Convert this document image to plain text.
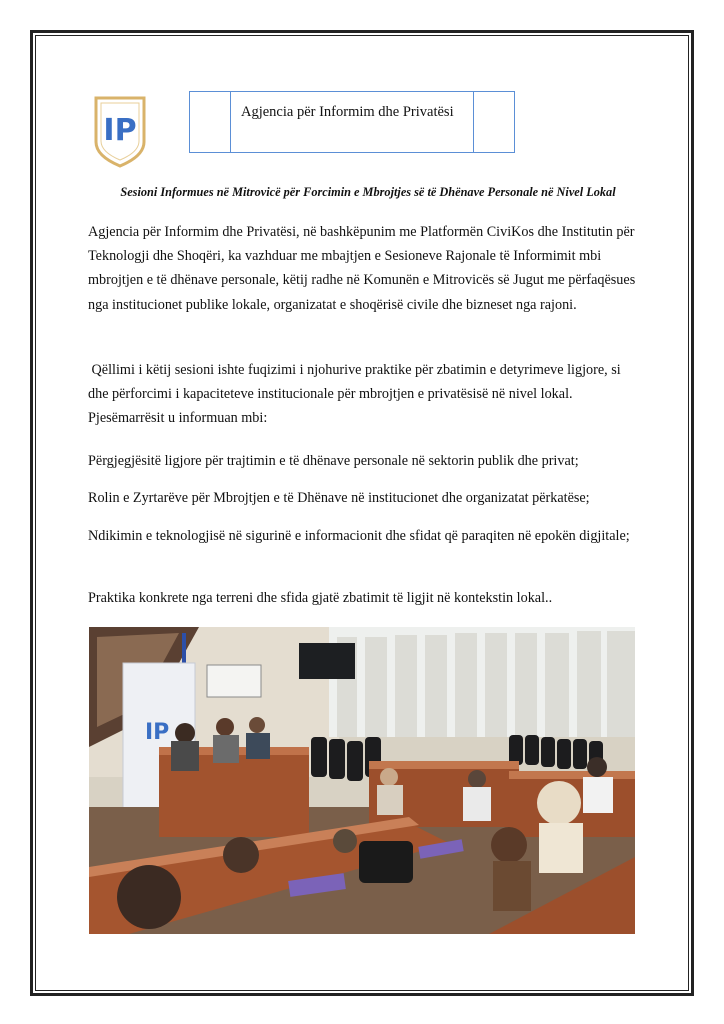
IP
Agjencia për Informim dhe Privatësi
Sesioni Informues në Mitrovicë për Forcimin e Mbrojtjes së të Dhënave Personale në Nivel Lokal
Agjencia për Informim dhe Privatësi, në bashkëpunim me Platformën CiviKos dhe Institutin për Teknologji dhe Shoqëri, ka vazhduar me mbajtjen e Sesioneve Rajonale të Informimit mbi mbrojtjen e të dhënave personale, këtij radhe në Komunën e Mitrovicës së Jugut me përfaqësues nga institucionet publike lokale, organizatat e shoqërisë civile dhe bizneset nga rajoni.
Qëllimi i këtij sesioni ishte fuqizimi i njohurive praktike për zbatimin e detyrimeve ligjore, si dhe përforcimi i kapaciteteve institucionale për mbrojtjen e privatësisë në nivel lokal. Pjesëmarrësit u informuan mbi:
Përgjegjësitë ligjore për trajtimin e të dhënave personale në sektorin publik dhe privat;
Rolin e Zyrtarëve për Mbrojtjen e të Dhënave në institucionet dhe organizatat përkatëse;
Ndikimin e teknologjisë në sigurinë e informacionit dhe sfidat që paraqiten në epokën digjitale;
Praktika konkrete nga terreni dhe sfida gjatë zbatimit të ligjit në kontekstin lokal..
IP
